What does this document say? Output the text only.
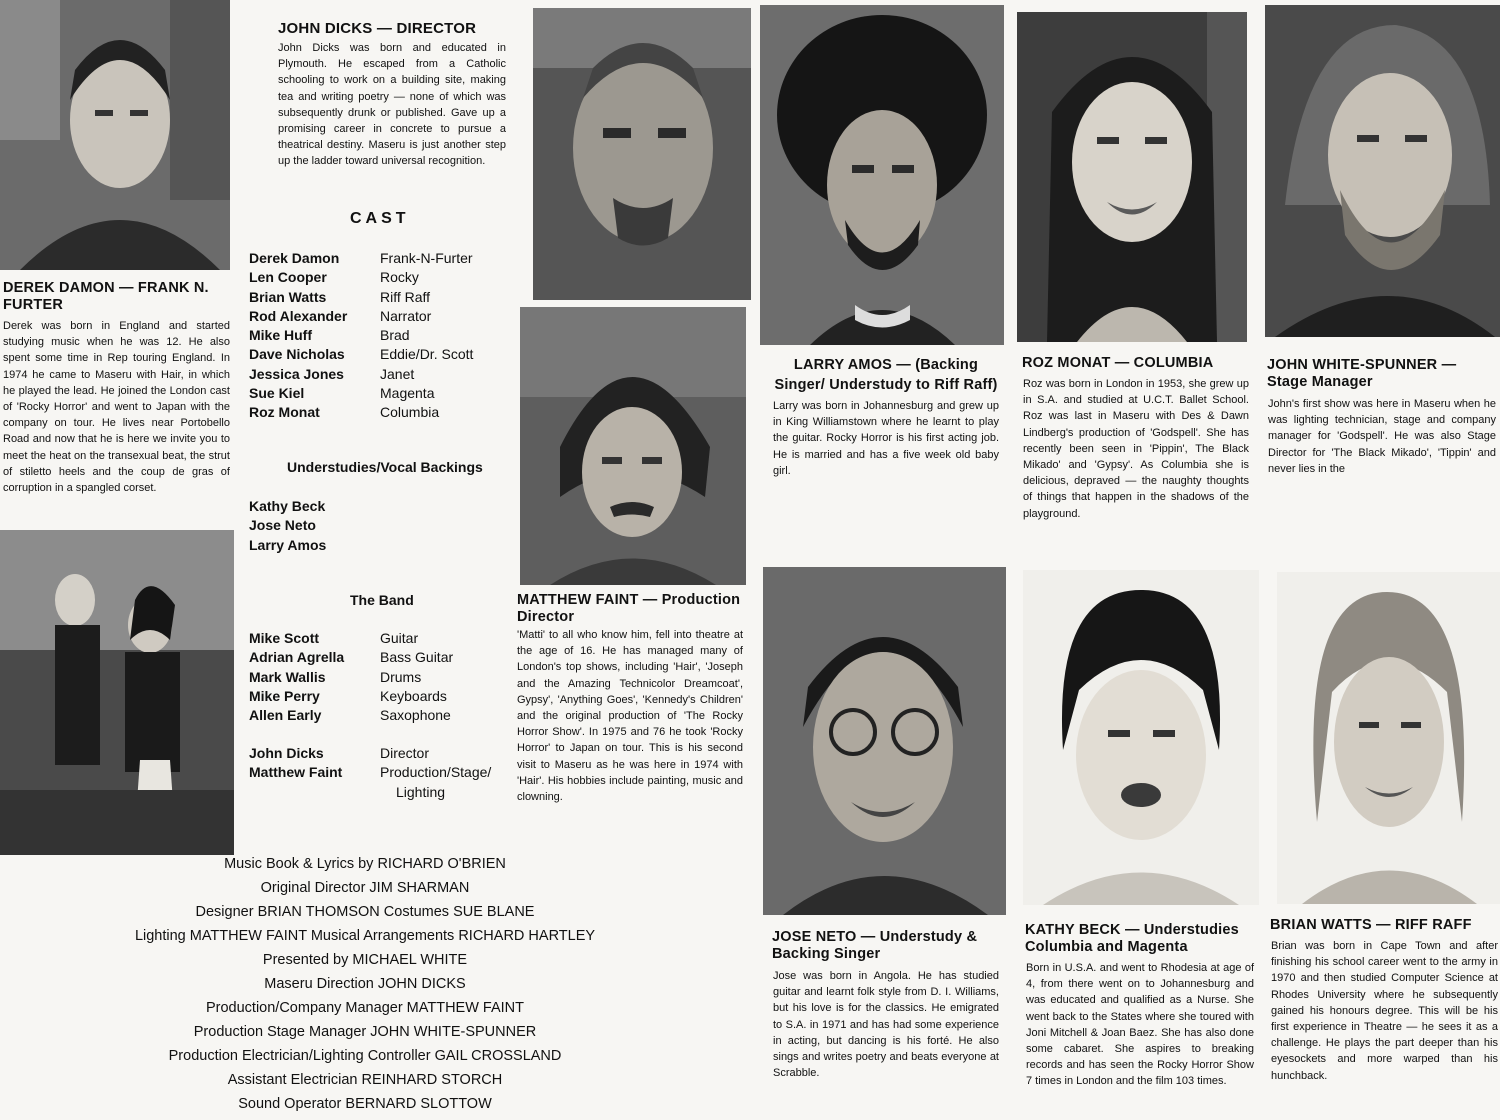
DEREK DAMON — FRANK N. FURTER
Derek was born in England and started studying music when he was 12. He also spent some time in Rep touring England. In 1974 he came to Maseru with Hair, in which he played the lead. He joined the London cast of 'Rocky Horror' and went to Japan with the company on tour. He lives near Portobello Road and now that he is here we invite you to meet the heat on the transexual beat, the strut of stiletto heels and the coup de gras of corruption in a spangled corset.
JOHN DICKS — DIRECTOR
John Dicks was born and educated in Plymouth. He escaped from a Catholic schooling to work on a building site, making tea and writing poetry — none of which was subsequently drunk or published. Gave up a promising career in concrete to pursue a theatrical destiny. Maseru is just another step up the ladder toward universal recognition.
CAST
Derek Damon	Frank-N-Furter
Len Cooper	Rocky
Brian Watts	Riff Raff
Rod Alexander Narrator
Mike Huff	Brad
Dave Nicholas	Eddie/Dr. Scott
Jessica Jones	Janet
Sue Kiel	Magenta
Roz Monat	Columbia
Understudies/Vocal Backings
Kathy Beck
Jose Neto
Larry Amos
The Band
Mike Scott	Guitar
Adrian Agrella	Bass Guitar
Mark Wallis	Drums
Mike Perry	Keyboards
Allen Early	Saxophone
John Dicks	Director
Matthew Faint	Production/Stage/
Lighting
MATTHEW FAINT — Production Director
'Matti' to all who know him, fell into theatre at the age of 16. He has managed many of London's top shows, including 'Hair', 'Joseph and the Amazing Technicolor Dreamcoat', Gypsy', 'Anything Goes', 'Kennedy's Children' and the original production of 'The Rocky Horror Show'. In 1975 and 76 he took 'Rocky Horror' to Japan on tour. This is his second visit to Maseru as he was here in 1974 with 'Hair'. His hobbies include painting, music and clowning.
Music Book & Lyrics by RICHARD O'BRIEN
Original Director JIM SHARMAN
Designer BRIAN THOMSON Costumes SUE BLANE
Lighting MATTHEW FAINT Musical Arrangements RICHARD HARTLEY
Presented by MICHAEL WHITE
Maseru Direction JOHN DICKS
Production/Company Manager MATTHEW FAINT
Production Stage Manager JOHN WHITE-SPUNNER
Production Electrician/Lighting Controller GAIL CROSSLAND
Assistant Electrician REINHARD STORCH
Sound Operator BERNARD SLOTTOW
LARRY AMOS — (Backing Singer/ Understudy to Riff Raff)
Larry was born in Johannesburg and grew up in King Williamstown where he learnt to play the guitar. Rocky Horror is his first acting job. He is married and has a five week old baby girl.
ROZ MONAT — COLUMBIA
Roz was born in London in 1953, she grew up in S.A. and studied at U.C.T. Ballet School. Roz was last in Maseru with Des & Dawn Lindberg's production of 'Godspell'. She has recently been seen in 'Pippin', The Black Mikado' and 'Gypsy'. As Columbia she is delicious, depraved — the naughty thoughts of things that happen in the shadows of the playground.
JOHN WHITE-SPUNNER — Stage Manager
John's first show was here in Maseru when he was lighting technician, stage and company manager for 'Godspell'. He was also Stage Director for 'The Black Mikado', 'Tippin' and never lies in the
JOSE NETO — Understudy & Backing Singer
Jose was born in Angola. He has studied guitar and learnt folk style from D. I. Williams, but his love is for the classics. He emigrated to S.A. in 1971 and has had some experience in acting, but dancing is his forté. He also sings and writes poetry and beats everyone at Scrabble.
KATHY BECK — Understudies Columbia and Magenta
Born in U.S.A. and went to Rhodesia at age of 4, from there went on to Johannesburg and was educated and qualified as a Nurse. She went back to the States where she toured with Joni Mitchell & Joan Baez. She has also done some cabaret. She aspires to breaking records and has seen the Rocky Horror Show 7 times in London and the film 103 times.
BRIAN WATTS — RIFF RAFF
Brian was born in Cape Town and after finishing his school career went to the army in 1970 and then studied Computer Science at Rhodes University where he subsequently gained his honours degree. This will be his first experience in Theatre — he sees it as a challenge. He plays the part deeper than his eyesockets and more warped than his hunchback.
